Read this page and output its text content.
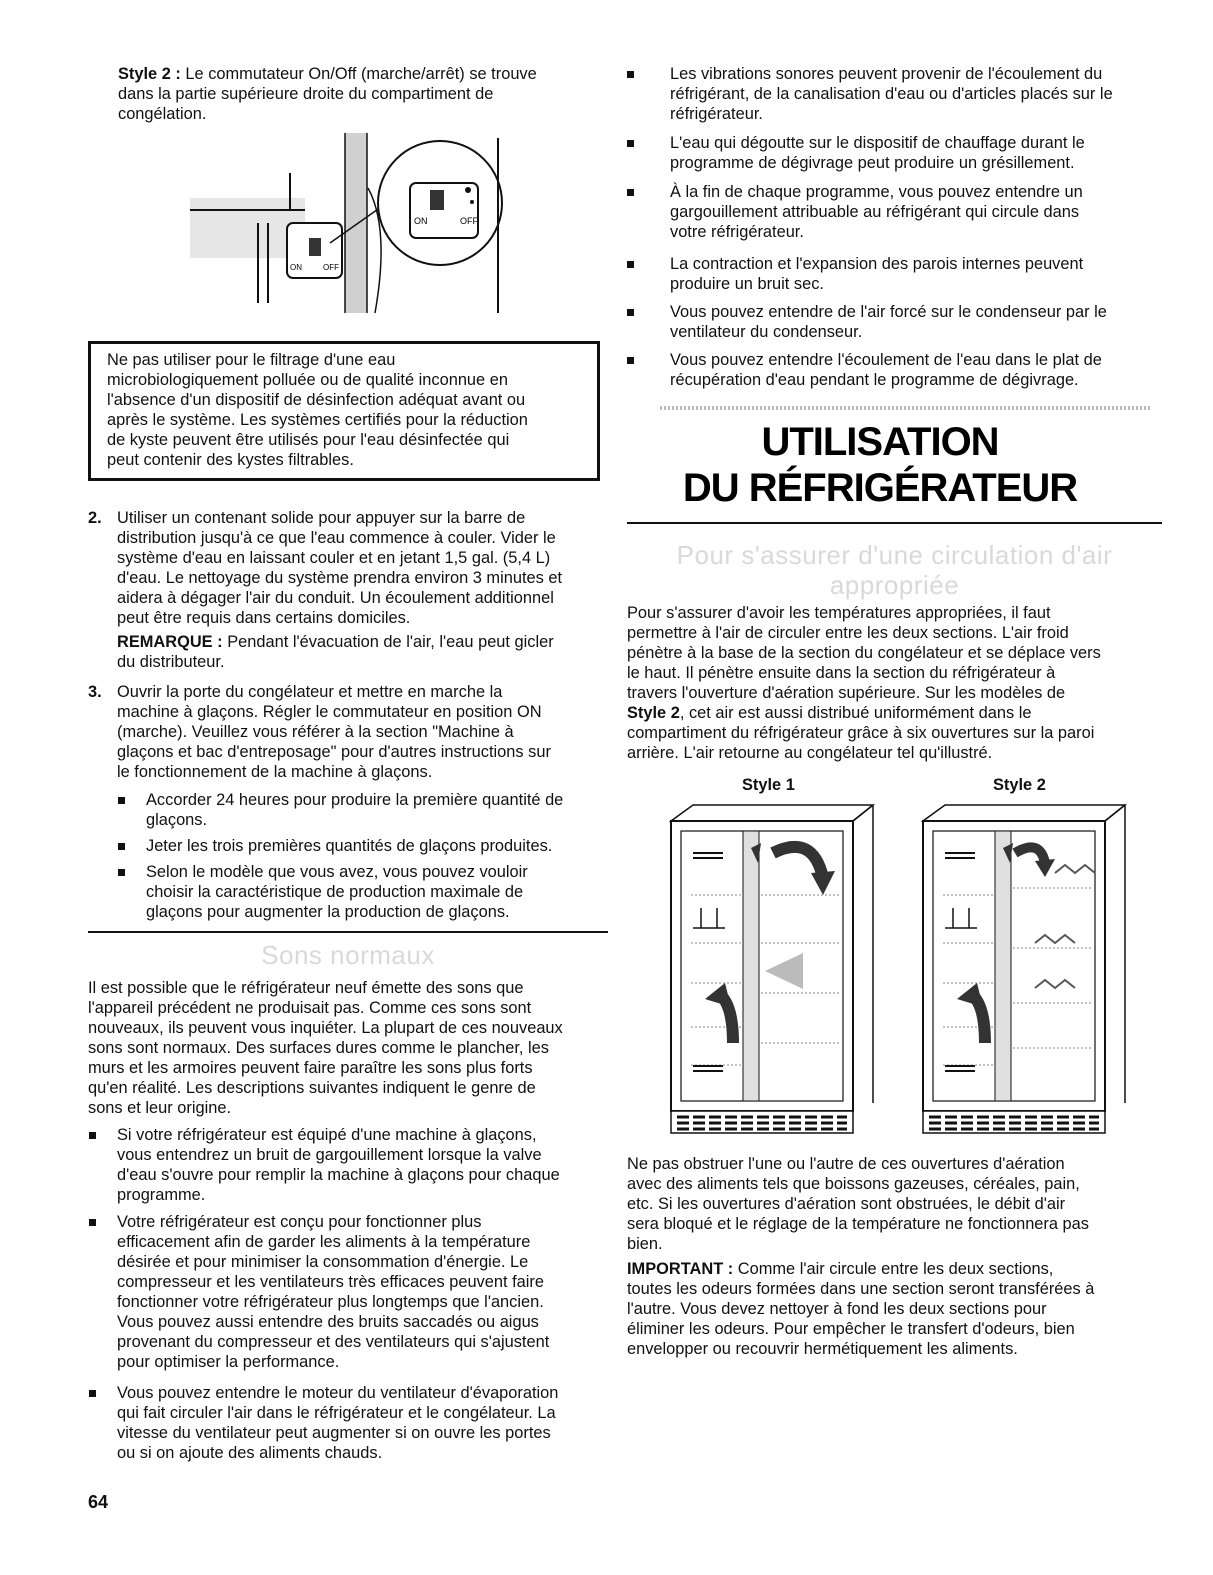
Style 2 : Le commutateur On/Off (marche/arrêt) se trouve

dans la partie supérieure droite du compartiment de

congélation.

ON	OFF
ON	OFF

Ne pas utiliser pour le filtrage d'une eau

microbiologiquement polluée ou de qualité inconnue en

l'absence d'un dispositif de désinfection adéquat avant ou

après le système. Les systèmes certifiés pour la réduction

de kyste peuvent être utilisés pour l'eau désinfectée qui

peut contenir des kystes filtrables.

2. Utiliser un contenant solide pour appuyer sur la barre de

distribution jusqu'à ce que l'eau commence à couler. Vider le

système d'eau en laissant couler et en jetant 1,5 gal. (5,4 L)

d'eau. Le nettoyage du système prendra environ 3 minutes et

aidera à dégager l'air du conduit. Un écoulement additionnel

peut être requis dans certains domiciles.

REMARQUE : Pendant l'évacuation de l'air, l'eau peut gicler

du distributeur.

3. Ouvrir la porte du congélateur et mettre en marche la

machine à glaçons. Régler le commutateur en position ON

(marche). Veuillez vous référer à la section "Machine à

glaçons et bac d'entreposage" pour d'autres instructions sur

le fonctionnement de la machine à glaçons.

Accorder 24 heures pour produire la première quantité de

glaçons.

Jeter les trois premières quantités de glaçons produites.

Selon le modèle que vous avez, vous pouvez vouloir

choisir la caractéristique de production maximale de

glaçons pour augmenter la production de glaçons.

Sons normaux

Il est possible que le réfrigérateur neuf émette des sons que

l'appareil précédent ne produisait pas. Comme ces sons sont

nouveaux, ils peuvent vous inquiéter. La plupart de ces nouveaux

sons sont normaux. Des surfaces dures comme le plancher, les

murs et les armoires peuvent faire paraître les sons plus forts

qu'en réalité. Les descriptions suivantes indiquent le genre de

sons et leur origine.

Si votre réfrigérateur est équipé d'une machine à glaçons,

vous entendrez un bruit de gargouillement lorsque la valve

d'eau s'ouvre pour remplir la machine à glaçons pour chaque

programme.

Votre réfrigérateur est conçu pour fonctionner plus

efficacement afin de garder les aliments à la température

désirée et pour minimiser la consommation d'énergie. Le

compresseur et les ventilateurs très efficaces peuvent faire

fonctionner votre réfrigérateur plus longtemps que l'ancien.

Vous pouvez aussi entendre des bruits saccadés ou aigus

provenant du compresseur et des ventilateurs qui s'ajustent

pour optimiser la performance.

Vous pouvez entendre le moteur du ventilateur d'évaporation

qui fait circuler l'air dans le réfrigérateur et le congélateur. La

vitesse du ventilateur peut augmenter si on ouvre les portes

ou si on ajoute des aliments chauds.

64

Les vibrations sonores peuvent provenir de l'écoulement du

réfrigérant, de la canalisation d'eau ou d'articles placés sur le

réfrigérateur.

L'eau qui dégoutte sur le dispositif de chauffage durant le

programme de dégivrage peut produire un grésillement.

À la fin de chaque programme, vous pouvez entendre un

gargouillement attribuable au réfrigérant qui circule dans

votre réfrigérateur.

La contraction et l'expansion des parois internes peuvent

produire un bruit sec.

Vous pouvez entendre de l'air forcé sur le condenseur par le

ventilateur du condenseur.

Vous pouvez entendre l'écoulement de l'eau dans le plat de

récupération d'eau pendant le programme de dégivrage.

UTILISATION
DU RÉFRIGÉRATEUR
Pour s'assurer d'une circulation d'air
appropriée

Pour s'assurer d'avoir les températures appropriées, il faut

permettre à l'air de circuler entre les deux sections. L'air froid

pénètre à la base de la section du congélateur et se déplace vers

le haut. Il pénètre ensuite dans la section du réfrigérateur à

travers l'ouverture d'aération supérieure. Sur les modèles de

Style 2, cet air est aussi distribué uniformément dans le

compartiment du réfrigérateur grâce à six ouvertures sur la paroi

arrière. L'air retourne au congélateur tel qu'illustré.

Style 1	Style 2

Ne pas obstruer l'une ou l'autre de ces ouvertures d'aération

avec des aliments tels que boissons gazeuses, céréales, pain,

etc. Si les ouvertures d'aération sont obstruées, le débit d'air

sera bloqué et le réglage de la température ne fonctionnera pas

bien.

IMPORTANT : Comme l'air circule entre les deux sections,

toutes les odeurs formées dans une section seront transférées à

l'autre. Vous devez nettoyer à fond les deux sections pour

éliminer les odeurs. Pour empêcher le transfert d'odeurs, bien

envelopper ou recouvrir hermétiquement les aliments.
